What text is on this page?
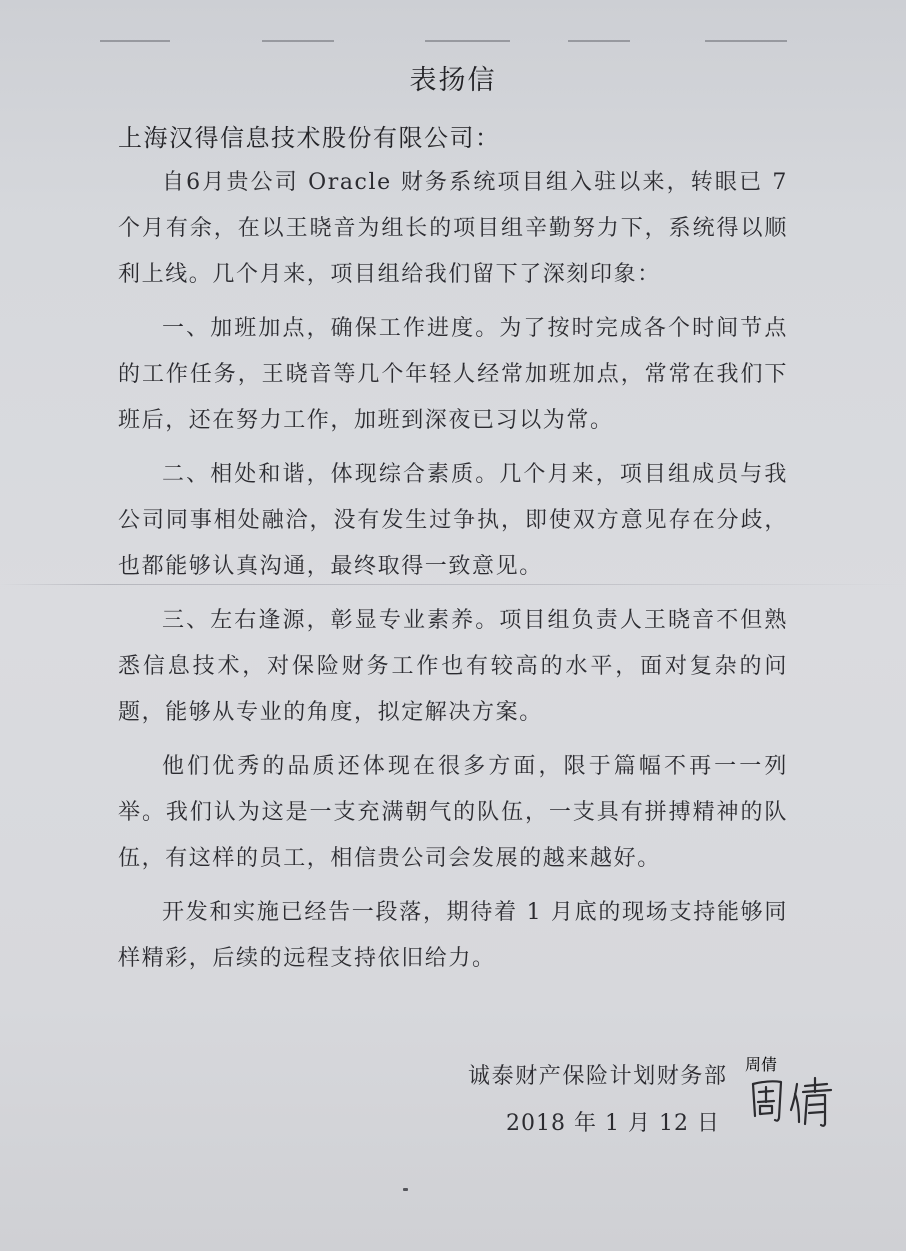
表扬信
上海汉得信息技术股份有限公司：

自6月贵公司 Oracle 财务系统项目组入驻以来，转眼已 7 个月有余，在以王晓音为组长的项目组辛勤努力下，系统得以顺利上线。几个月来，项目组给我们留下了深刻印象：

一、加班加点，确保工作进度。为了按时完成各个时间节点的工作任务，王晓音等几个年轻人经常加班加点，常常在我们下班后，还在努力工作，加班到深夜已习以为常。

二、相处和谐，体现综合素质。几个月来，项目组成员与我公司同事相处融洽，没有发生过争执，即使双方意见存在分歧，也都能够认真沟通，最终取得一致意见。

三、左右逢源，彰显专业素养。项目组负责人王晓音不但熟悉信息技术，对保险财务工作也有较高的水平，面对复杂的问题，能够从专业的角度，拟定解决方案。

他们优秀的品质还体现在很多方面，限于篇幅不再一一列举。我们认为这是一支充满朝气的队伍，一支具有拼搏精神的队伍，有这样的员工，相信贵公司会发展的越来越好。

开发和实施已经告一段落，期待着 1 月底的现场支持能够同样精彩，后续的远程支持依旧给力。

诚泰财产保险计划财务部
2018 年 1 月 12 日
周倩
